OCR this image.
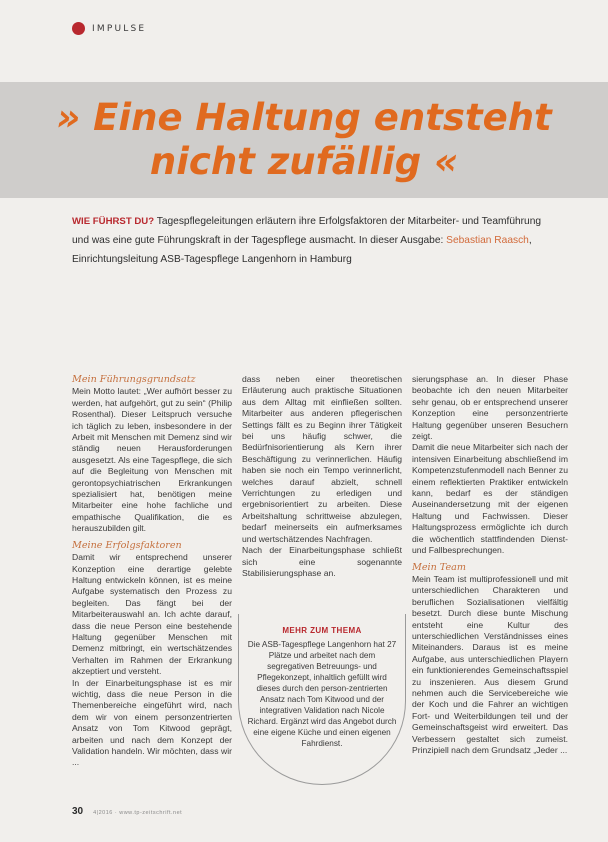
IMPULSE
» Eine Haltung entsteht
nicht zufällig «

WIE FÜHRST DU? Tagespflegeleitungen erläutern ihre Erfolgsfaktoren der Mitarbeiter- und Teamführung und was eine gute Führungskraft in der Tagespflege ausmacht. In dieser Ausgabe: Sebastian Raasch, Einrichtungsleitung ASB-Tagespflege Langenhorn in Hamburg

Mein Führungsgrundsatz

Mein Motto lautet: „Wer aufhört besser zu werden, hat aufgehört, gut zu sein“ (Philip Rosenthal). Dieser Leitspruch versuche ich täglich zu leben, insbesondere in der Arbeit mit Menschen mit Demenz sind wir ständig neuen Herausforderungen ausgesetzt. Als eine Tagespflege, die sich auf die Begleitung von Menschen mit gerontopsychiatrischen Erkrankungen spezialisiert hat, benötigen meine Mitarbeiter eine hohe fachliche und empathische Qualifikation, die es herauszubilden gilt.

Meine Erfolgsfaktoren

Damit wir entsprechend unserer Konzeption eine derartige gelebte Haltung entwickeln können, ist es meine Aufgabe systematisch den Prozess zu begleiten. Das fängt bei der Mitarbeiterauswahl an. Ich achte darauf, dass die neue Person eine bestehende Haltung gegenüber Menschen mit Demenz mitbringt, ein wertschätzendes Verhalten im Rahmen der Erkrankung akzeptiert und versteht.

In der Einarbeitungsphase ist es mir wichtig, dass die neue Person in die Themenbereiche eingeführt wird, nach dem wir von einem personzentrierten Ansatz von Tom Kitwood geprägt, arbeiten und nach dem Konzept der Validation handeln. Wir möchten, dass wir ...

dass neben einer theoretischen Erläuterung auch praktische Situationen aus dem Alltag mit einfließen sollten. Mitarbeiter aus anderen pflegerischen Settings fällt es zu Beginn ihrer Tätigkeit bei uns häufig schwer, die Bedürfnisorientierung als Kern ihrer Beschäftigung zu verinnerlichen. Häufig haben sie noch ein Tempo verinnerlicht, welches darauf abzielt, schnell Verrichtungen zu erledigen und ergebnisorientiert zu arbeiten. Diese Arbeitshaltung schrittweise abzulegen, bedarf meinerseits ein aufmerksames und wertschätzendes Nachfragen.

Nach der Einarbeitungsphase schließt sich eine sogenannte Stabilisierungsphase an.

sierungsphase an. In dieser Phase beobachte ich den neuen Mitarbeiter sehr genau, ob er entsprechend unserer Konzeption eine personzentrierte Haltung gegenüber unseren Besuchern zeigt.

Damit die neue Mitarbeiter sich nach der intensiven Einarbeitung abschließend im Kompetenzstufenmodell nach Benner zu einem reflektierten Praktiker entwickeln kann, bedarf es der ständigen Auseinandersetzung mit der eigenen Haltung und Fachwissen. Dieser Haltungsprozess ermöglichte ich durch die wöchentlich stattfindenden Dienst- und Fallbesprechungen.

Mein Team

Mein Team ist multiprofessionell und mit unterschiedlichen Charakteren und beruflichen Sozialisationen vielfältig besetzt. Durch diese bunte Mischung entsteht eine Kultur des unterschiedlichen Verständnisses eines Miteinanders. Daraus ist es meine Aufgabe, aus unterschiedlichen Playern ein funktionierendes Gemeinschaftsspiel zu inszenieren. Aus diesem Grund nehmen auch die Servicebereiche wie der Koch und die Fahrer an wichtigen Fort- und Weiterbildungen teil und der Gemeinschaftsgeist wird erweitert. Das Verbessern gestaltet sich zumeist. Prinzipiell nach dem Grundsatz „Jeder ...

MEHR ZUM THEMA

Die ASB-Tagespflege Langenhorn hat 27 Plätze und arbeitet nach dem segregativen Betreuungs- und Pflegekonzept, inhaltlich gefüllt wird dieses durch den person-zentrierten Ansatz nach Tom Kitwood und der integrativen Validation nach Nicole Richard. Ergänzt wird das Angebot durch eine eigene Küche und einen eigenen Fahrdienst.

30 4|2016 · www.tp-zeitschrift.net
